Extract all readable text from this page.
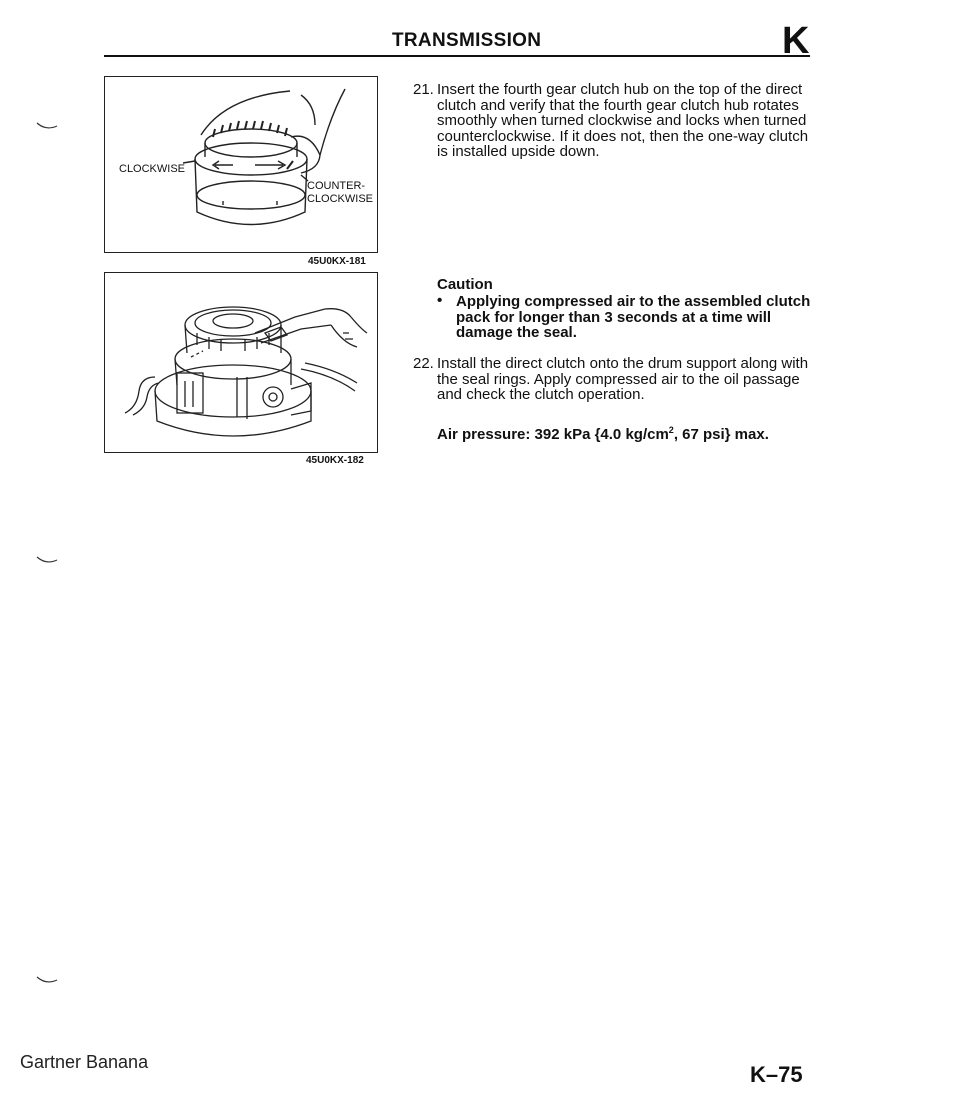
TRANSMISSION	K
CLOCKWISE
COUNTER-
CLOCKWISE
45U0KX-181
45U0KX-182
21. Insert the fourth gear clutch hub on the top of the direct clutch and verify that the fourth gear clutch hub rotates smoothly when turned clockwise and locks when turned counterclockwise. If it does not, then the one-way clutch is installed upside down.
Caution
• Applying compressed air to the assembled clutch pack for longer than 3 seconds at a time will damage the seal.
22. Install the direct clutch onto the drum support along with the seal rings. Apply compressed air to the oil passage and check the clutch operation.
Air pressure: 392 kPa {4.0 $kg/cm^2$, 67 psi} max.
Gartner Banana	K–75
